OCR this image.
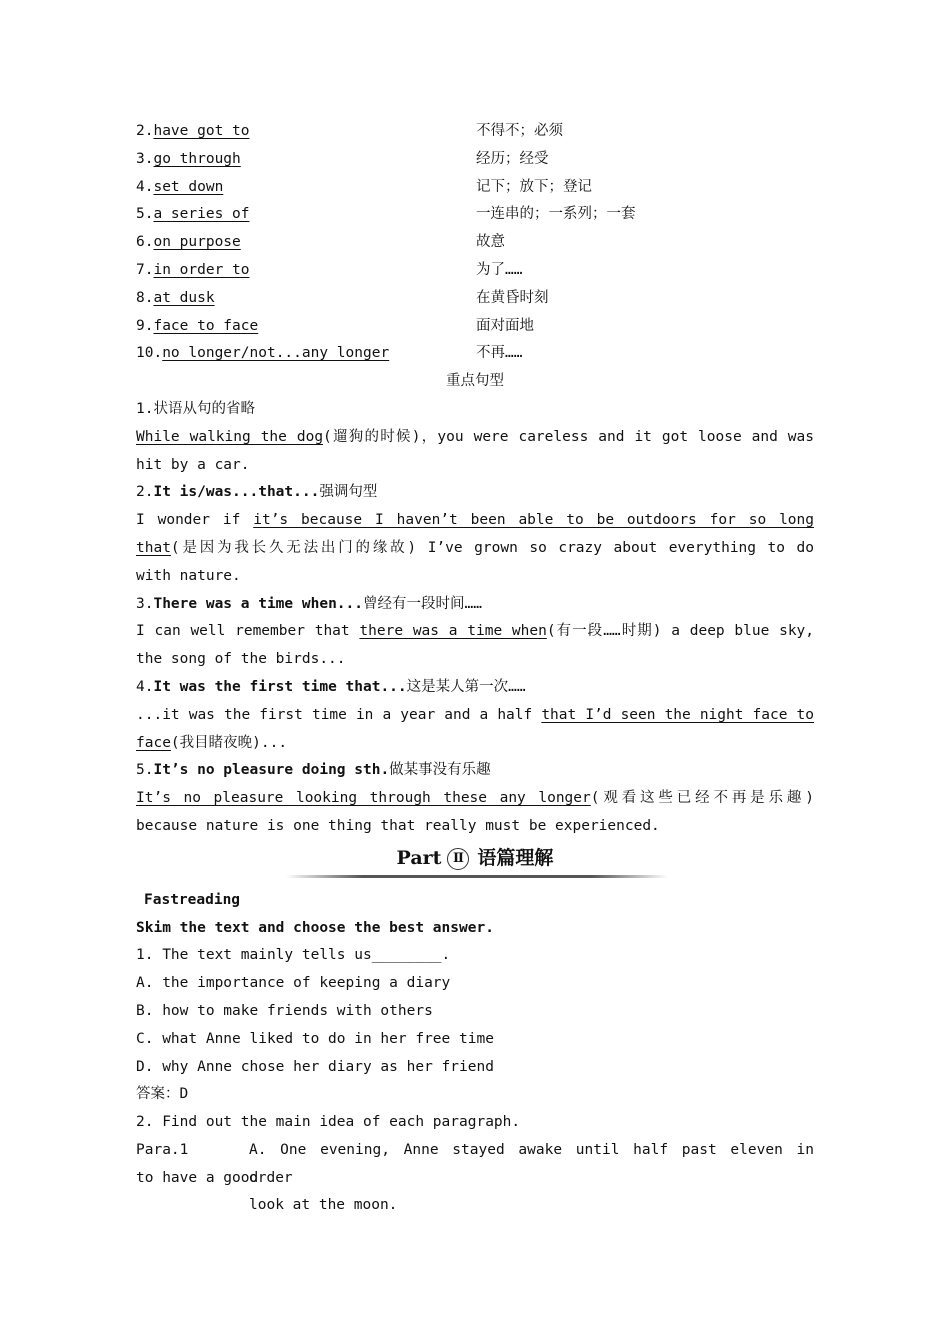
2.have got to	不得不；必须
3.go through	经历；经受
4.set down	记下；放下；登记
5.a series of	一连串的；一系列；一套
6.on purpose	故意
7.in order to	为了……
8.at dusk	在黄昏时刻
9.face to face	面对面地
10.no longer/not...any longer	不再……
重点句型
1.状语从句的省略
While walking the dog(遛狗的时候)，you were careless and it got loose and was
hit by a car.
2.It is/was...that...强调句型
I wonder if it’s because I haven’t been able to be outdoors for so long
that(是因为我长久无法出门的缘故) I’ve grown so crazy about everything to do
with nature.
3.There was a time when...曾经有一段时间……
I can well remember that there was a time when(有一段……时期) a deep blue sky,
the song of the birds...
4.It was the first time that...这是某人第一次……
...it was the first time in a year and a half that I’d seen the night face to
face(我目睹夜晚)...
5.It’s no pleasure doing sth.做某事没有乐趣
It’s no pleasure looking through these any longer(观看这些已经不再是乐趣)
because nature is one thing that really must be experienced.
Part Ⅱ 语篇理解
Fastreading
Skim the text and choose the best answer.
1. The text mainly tells us________.
A. the importance of keeping a diary
B. how to make friends with others
C. what Anne liked to do in her free time
D. why Anne chose her diary as her friend
答案：D
2. Find out the main idea of each paragraph.
Para.1	A. One evening, Anne stayed awake until half past eleven in order
to have a good
look at the moon.
